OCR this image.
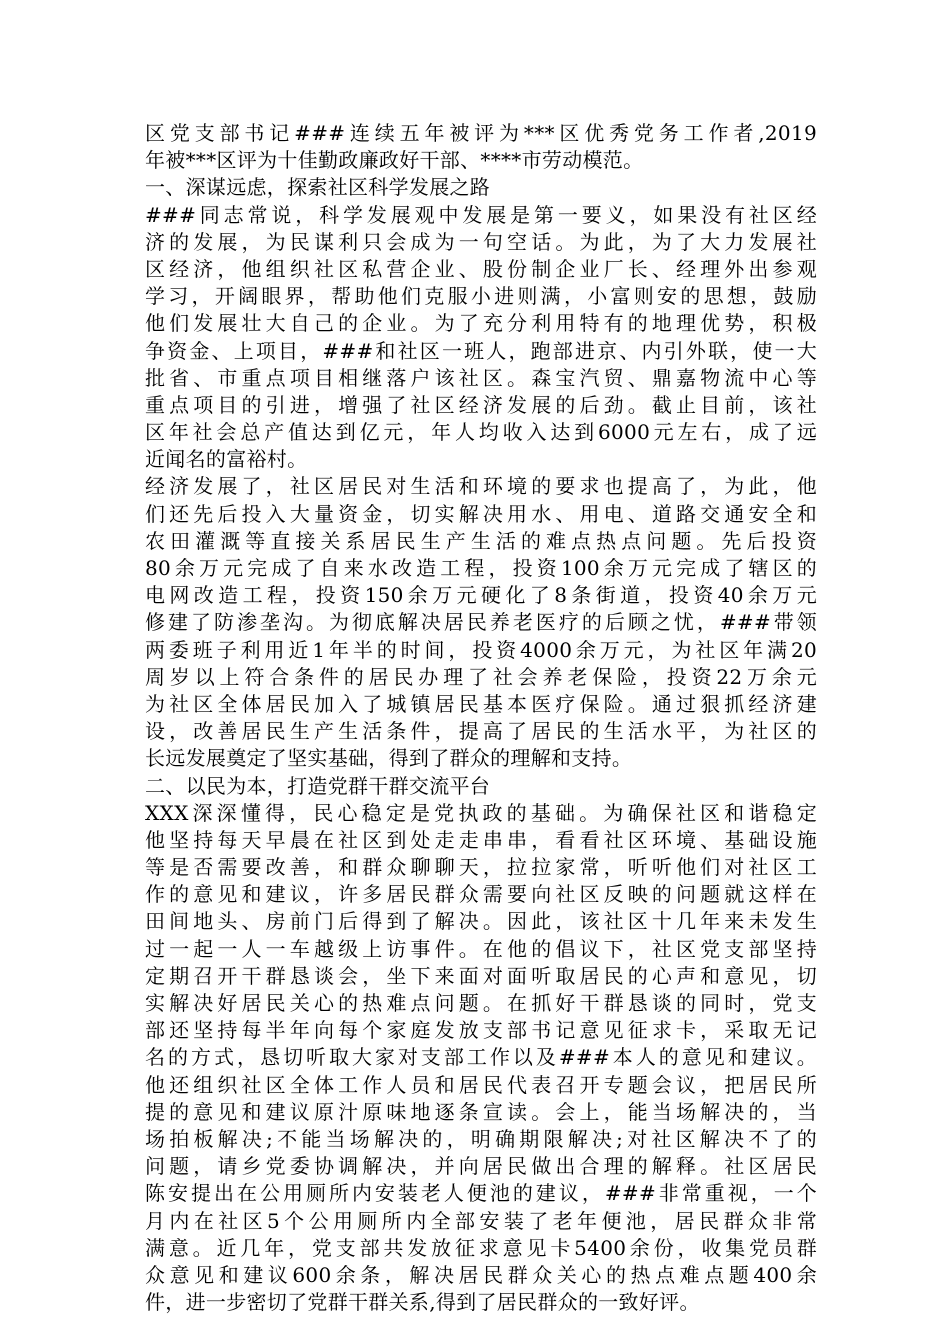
区党支部书记###连续五年被评为***区优秀党务工作者,2019
年被***区评为十佳勤政廉政好干部、****市劳动模范。
一、深谋远虑，探索社区科学发展之路
###同志常说，科学发展观中发展是第一要义，如果没有社区经
济的发展，为民谋利只会成为一句空话。为此，为了大力发展社
区经济，他组织社区私营企业、股份制企业厂长、经理外出参观
学习，开阔眼界，帮助他们克服小进则满，小富则安的思想，鼓励
他们发展壮大自己的企业。为了充分利用特有的地理优势，积极
争资金、上项目，###和社区一班人，跑部进京、内引外联，使一大
批省、市重点项目相继落户该社区。森宝汽贸、鼎嘉物流中心等
重点项目的引进，增强了社区经济发展的后劲。截止目前，该社
区年社会总产值达到亿元，年人均收入达到6000元左右，成了远
近闻名的富裕村。
经济发展了，社区居民对生活和环境的要求也提高了，为此，他
们还先后投入大量资金，切实解决用水、用电、道路交通安全和
农田灌溉等直接关系居民生产生活的难点热点问题。先后投资
80余万元完成了自来水改造工程，投资100余万元完成了辖区的
电网改造工程，投资150余万元硬化了8条街道，投资40余万元
修建了防渗垄沟。为彻底解决居民养老医疗的后顾之忧，###带领
两委班子利用近1年半的时间，投资4000余万元，为社区年满20
周岁以上符合条件的居民办理了社会养老保险，投资22万余元
为社区全体居民加入了城镇居民基本医疗保险。通过狠抓经济建
设，改善居民生产生活条件，提高了居民的生活水平，为社区的
长远发展奠定了坚实基础，得到了群众的理解和支持。
二、以民为本，打造党群干群交流平台
XXX深深懂得，民心稳定是党执政的基础。为确保社区和谐稳定
他坚持每天早晨在社区到处走走串串，看看社区环境、基础设施
等是否需要改善，和群众聊聊天，拉拉家常，听听他们对社区工
作的意见和建议，许多居民群众需要向社区反映的问题就这样在
田间地头、房前门后得到了解决。因此，该社区十几年来未发生
过一起一人一车越级上访事件。在他的倡议下，社区党支部坚持
定期召开干群恳谈会，坐下来面对面听取居民的心声和意见，切
实解决好居民关心的热难点问题。在抓好干群恳谈的同时，党支
部还坚持每半年向每个家庭发放支部书记意见征求卡，采取无记
名的方式，恳切听取大家对支部工作以及###本人的意见和建议。
他还组织社区全体工作人员和居民代表召开专题会议，把居民所
提的意见和建议原汁原味地逐条宣读。会上，能当场解决的，当
场拍板解决;不能当场解决的，明确期限解决;对社区解决不了的
问题，请乡党委协调解决，并向居民做出合理的解释。社区居民
陈安提出在公用厕所内安装老人便池的建议，###非常重视，一个
月内在社区5个公用厕所内全部安装了老年便池，居民群众非常
满意。近几年，党支部共发放征求意见卡5400余份，收集党员群
众意见和建议600余条，解决居民群众关心的热点难点题400余
件，进一步密切了党群干群关系,得到了居民群众的一致好评。
